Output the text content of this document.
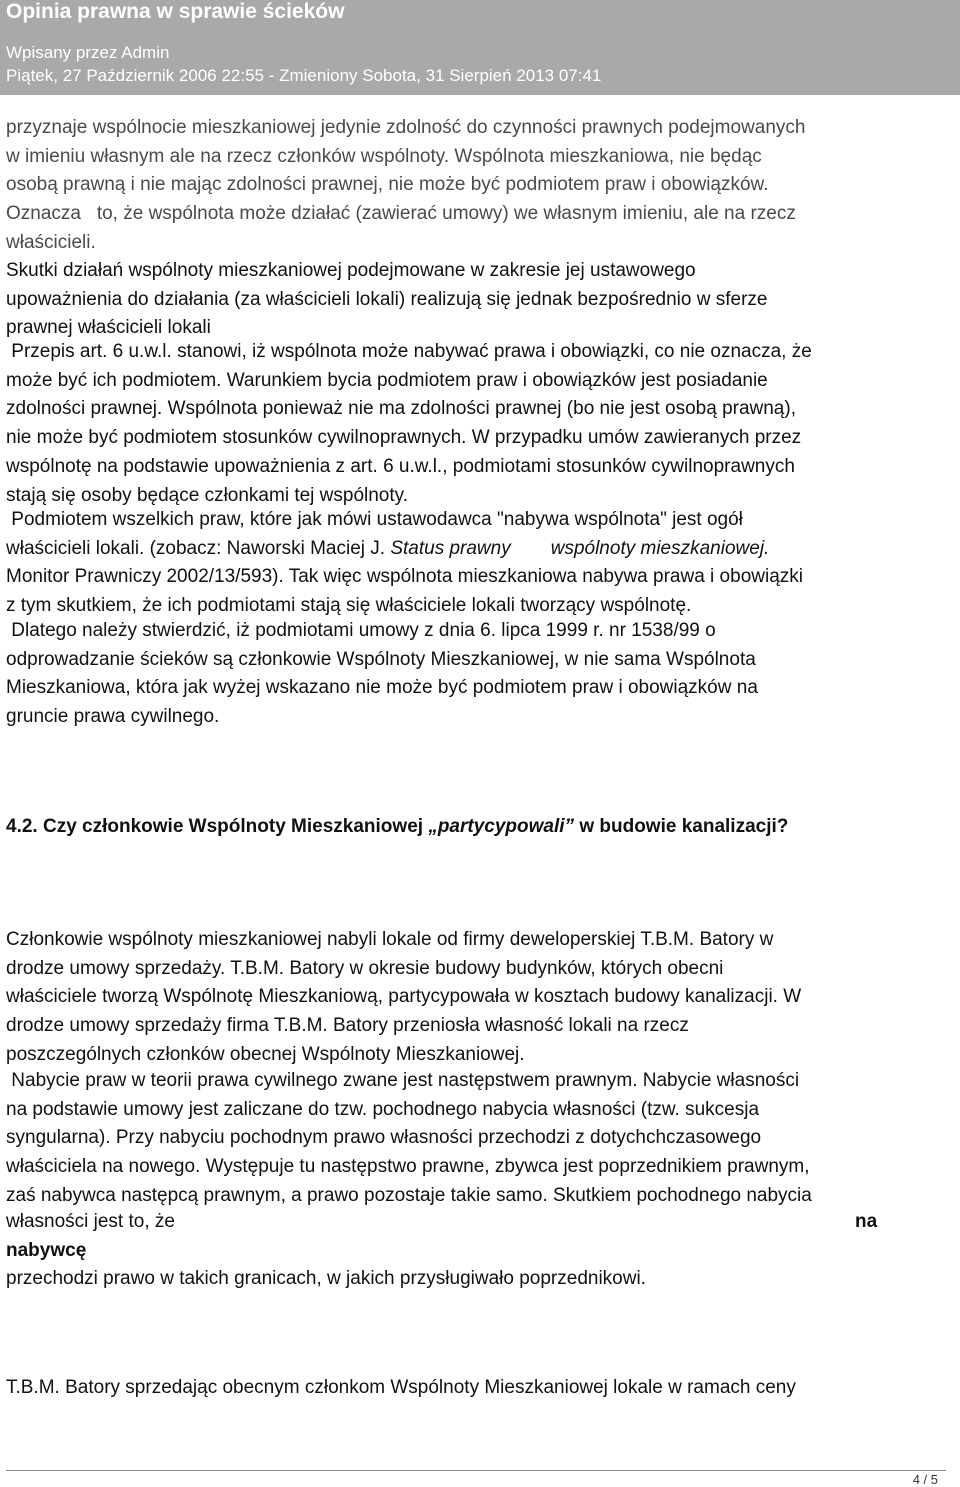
Opinia prawna w sprawie ścieków
Wpisany przez Admin
Piątek, 27 Październik 2006 22:55 - Zmieniony Sobota, 31 Sierpień 2013 07:41
przyznaje wspólnocie mieszkaniowej jedynie zdolność do czynności prawnych podejmowanych
w imieniu własnym ale na rzecz członków wspólnoty. Wspólnota mieszkaniowa, nie będąc
osobą prawną i nie mając zdolności prawnej, nie może być podmiotem praw i obowiązków.
Oznacza   to, że wspólnota może działać (zawierać umowy) we własnym imieniu, ale na rzecz
właścicieli.
Skutki działań wspólnoty mieszkaniowej podejmowane w zakresie jej ustawowego
upoważnienia do działania (za właścicieli lokali) realizują się jednak bezpośrednio w sferze
prawnej właścicieli lokali
Przepis art. 6 u.w.l. stanowi, iż wspólnota może nabywać prawa i obowiązki, co nie oznacza, że
może być ich podmiotem. Warunkiem bycia podmiotem praw i obowiązków jest posiadanie
zdolności prawnej. Wspólnota ponieważ nie ma zdolności prawnej (bo nie jest osobą prawną),
nie może być podmiotem stosunków cywilnoprawnych. W przypadku umów zawieranych przez
wspólnotę na podstawie upoważnienia z art. 6 u.w.l., podmiotami stosunków cywilnoprawnych
stają się osoby będące członkami tej wspólnoty.
Podmiotem wszelkich praw, które jak mówi ustawodawca "nabywa wspólnota" jest ogół
właścicieli lokali. (zobacz: Naworski Maciej J. Status prawny wspólnoty mieszkaniowej.
Monitor Prawniczy 2002/13/593). Tak więc wspólnota mieszkaniowa nabywa prawa i obowiązki
z tym skutkiem, że ich podmiotami stają się właściciele lokali tworzący wspólnotę.
Dlatego należy stwierdzić, iż podmiotami umowy z dnia 6. lipca 1999 r. nr 1538/99 o
odprowadzanie ścieków są członkowie Wspólnoty Mieszkaniowej, w nie sama Wspólnota
Mieszkaniowa, która jak wyżej wskazano nie może być podmiotem praw i obowiązków na
gruncie prawa cywilnego.
4.2. Czy członkowie Wspólnoty Mieszkaniowej „partycypowali” w budowie kanalizacji?
Członkowie wspólnoty mieszkaniowej nabyli lokale od firmy deweloperskiej T.B.M. Batory w
drodze umowy sprzedaży. T.B.M. Batory w okresie budowy budynków, których obecni
właściciele tworzą Wspólnotę Mieszkaniową, partycypowała w kosztach budowy kanalizacji. W
drodze umowy sprzedaży firma T.B.M. Batory przeniosła własność lokali na rzecz
poszczególnych członków obecnej Wspólnoty Mieszkaniowej.
Nabycie praw w teorii prawa cywilnego zwane jest następstwem prawnym. Nabycie własności
na podstawie umowy jest zaliczane do tzw. pochodnego nabycia własności (tzw. sukcesja
syngularna). Przy nabyciu pochodnym prawo własności przechodzi z dotychchczasowego
właściciela na nowego. Występuje tu następstwo prawne, zbywca jest poprzednikiem prawnym,
zaś nabywca następcą prawnym, a prawo pozostaje takie samo. Skutkiem pochodnego nabycia
własności jest to, że	na
nabywcę
przechodzi prawo w takich granicach, w jakich przysługiwało poprzednikowi.
T.B.M. Batory sprzedając obecnym członkom Wspólnoty Mieszkaniowej lokale w ramach ceny
4 / 5
